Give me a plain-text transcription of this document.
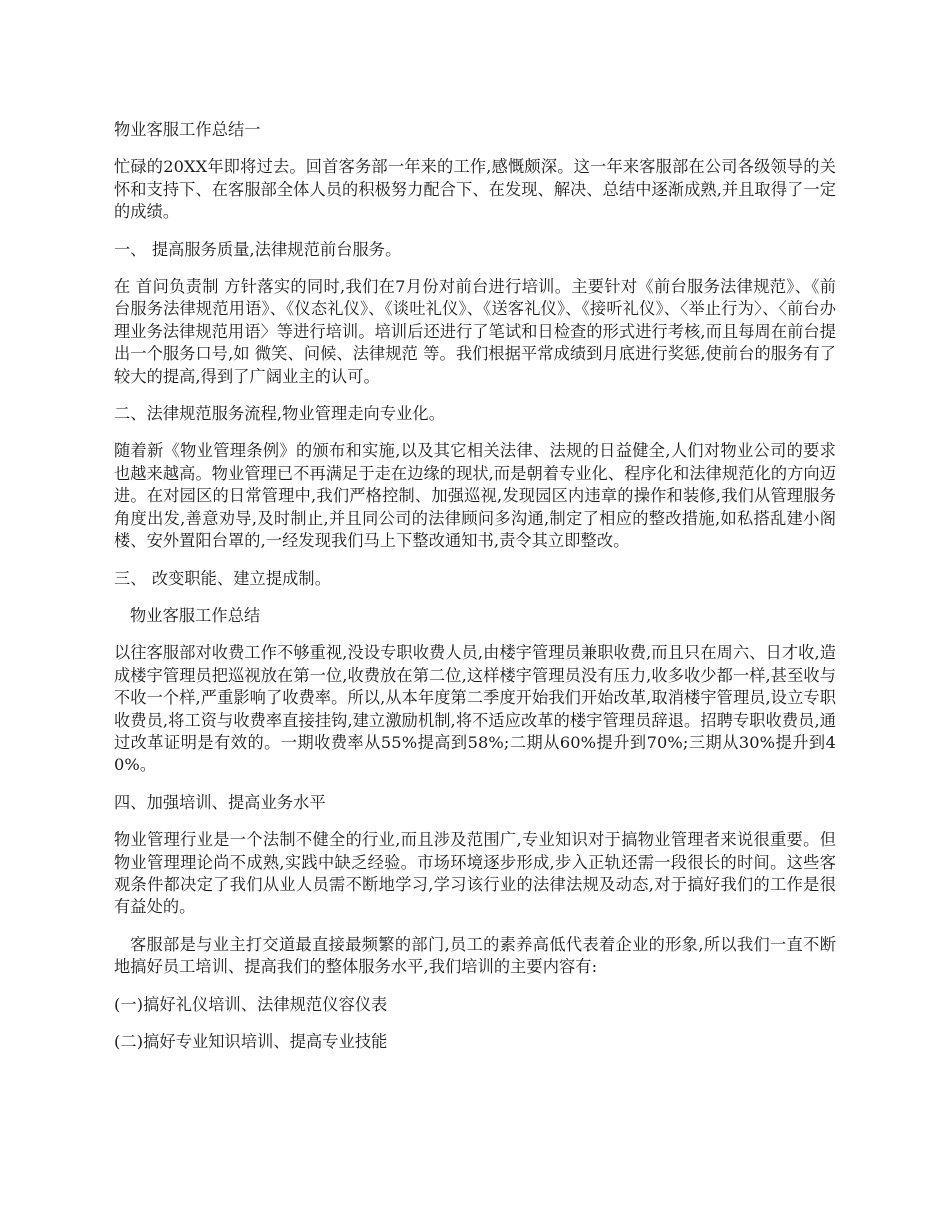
物业客服工作总结一

忙碌的20XX年即将过去。回首客务部一年来的工作,感慨颇深。这一年来客服部在公司各级领导的关怀和支持下、在客服部全体人员的积极努力配合下、在发现、解决、总结中逐渐成熟,并且取得了一定的成绩。

一、 提高服务质量,法律规范前台服务。

在 首问负责制 方针落实的同时,我们在7月份对前台进行培训。主要针对《前台服务法律规范》、《前台服务法律规范用语》、《仪态礼仪》、《谈吐礼仪》、《送客礼仪》、《接听礼仪》、〈举止行为〉、〈前台办理业务法律规范用语〉等进行培训。培训后还进行了笔试和日检查的形式进行考核,而且每周在前台提出一个服务口号,如 微笑、问候、法律规范 等。我们根据平常成绩到月底进行奖惩,使前台的服务有了较大的提高,得到了广阔业主的认可。

二、法律规范服务流程,物业管理走向专业化。

随着新《物业管理条例》的颁布和实施,以及其它相关法律、法规的日益健全,人们对物业公司的要求也越来越高。物业管理已不再满足于走在边缘的现状,而是朝着专业化、程序化和法律规范化的方向迈进。在对园区的日常管理中,我们严格控制、加强巡视,发现园区内违章的操作和装修,我们从管理服务角度出发,善意劝导,及时制止,并且同公司的法律顾问多沟通,制定了相应的整改措施,如私搭乱建小阁楼、安外置阳台罩的,一经发现我们马上下整改通知书,责令其立即整改。

三、 改变职能、建立提成制。

物业客服工作总结

以往客服部对收费工作不够重视,没设专职收费人员,由楼宇管理员兼职收费,而且只在周六、日才收,造成楼宇管理员把巡视放在第一位,收费放在第二位,这样楼宇管理员没有压力,收多收少都一样,甚至收与不收一个样,严重影响了收费率。所以,从本年度第二季度开始我们开始改革,取消楼宇管理员,设立专职收费员,将工资与收费率直接挂钩,建立激励机制,将不适应改革的楼宇管理员辞退。招聘专职收费员,通过改革证明是有效的。一期收费率从55%提高到58%;二期从60%提升到70%;三期从30%提升到40%。

四、加强培训、提高业务水平

物业管理行业是一个法制不健全的行业,而且涉及范围广,专业知识对于搞物业管理者来说很重要。但物业管理理论尚不成熟,实践中缺乏经验。市场环境逐步形成,步入正轨还需一段很长的时间。这些客观条件都决定了我们从业人员需不断地学习,学习该行业的法律法规及动态,对于搞好我们的工作是很有益处的。

客服部是与业主打交道最直接最频繁的部门,员工的素养高低代表着企业的形象,所以我们一直不断地搞好员工培训、提高我们的整体服务水平,我们培训的主要内容有:

(一)搞好礼仪培训、法律规范仪容仪表

(二)搞好专业知识培训、提高专业技能
